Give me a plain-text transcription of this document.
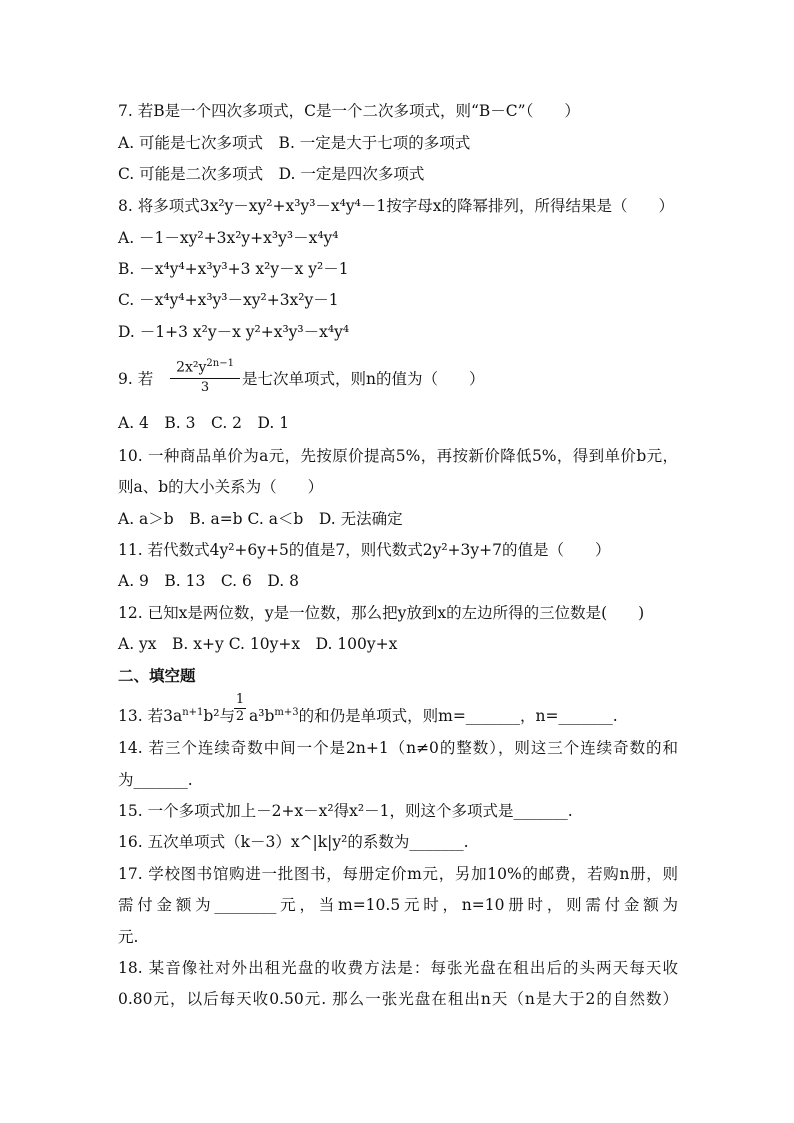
7. 若B是一个四次多项式，C是一个二次多项式，则“B－C”（　　）
A. 可能是七次多项式　B. 一定是大于七项的多项式
C. 可能是二次多项式　D. 一定是四次多项式
8. 将多项式3x²y－xy²+x³y³－x⁴y⁴－1按字母x的降幂排列，所得结果是（　　）
A. －1－xy²+3x²y+x³y³－x⁴y⁴
B. －x⁴y⁴+x³y³+3 x²y－x y²－1
C. －x⁴y⁴+x³y³－xy²+3x²y－1
D. －1+3 x²y－x y²+x³y³－x⁴y⁴
9. 若
$2x^2y^{2n-1}$
3	是七次单项式，则n的值为（　　）
A. 4　B. 3　C. 2　D. 1
10. 一种商品单价为a元，先按原价提高5%，再按新价降低5%，得到单价b元，
则a、b的大小关系为（　　）
A. a＞b　B. a=b C. a＜b　D. 无法确定
11. 若代数式4y²+6y+5的值是7，则代数式2y²+3y+7的值是（　　）
A. 9　B. 13　C. 6　D. 8
12. 已知x是两位数，y是一位数，那么把y放到x的左边所得的三位数是(　　)
A. yx　B. x+y C. 10y+x　D. 100y+x
二、填空题
13. 若$3a^{n+1}b^2$与
1
2 $a^3b^{m+3}$的和仍是单项式，则m=_______，n=_______.
14. 若三个连续奇数中间一个是2n+1（n≠0的整数），则这三个连续奇数的和
为_______.
15. 一个多项式加上－2+x－x²得x²－1，则这个多项式是_______.
16. 五次单项式（k－3）x^|k|y²的系数为_______.
17. 学校图书馆购进一批图书，每册定价m元，另加10%的邮费，若购n册，则
需付金额为________元，当m=10.5元时，n=10册时，则需付金额为
元.
18. 某音像社对外出租光盘的收费方法是：每张光盘在租出后的头两天每天收
0.80元，以后每天收0.50元. 那么一张光盘在租出n天（n是大于2的自然数）
